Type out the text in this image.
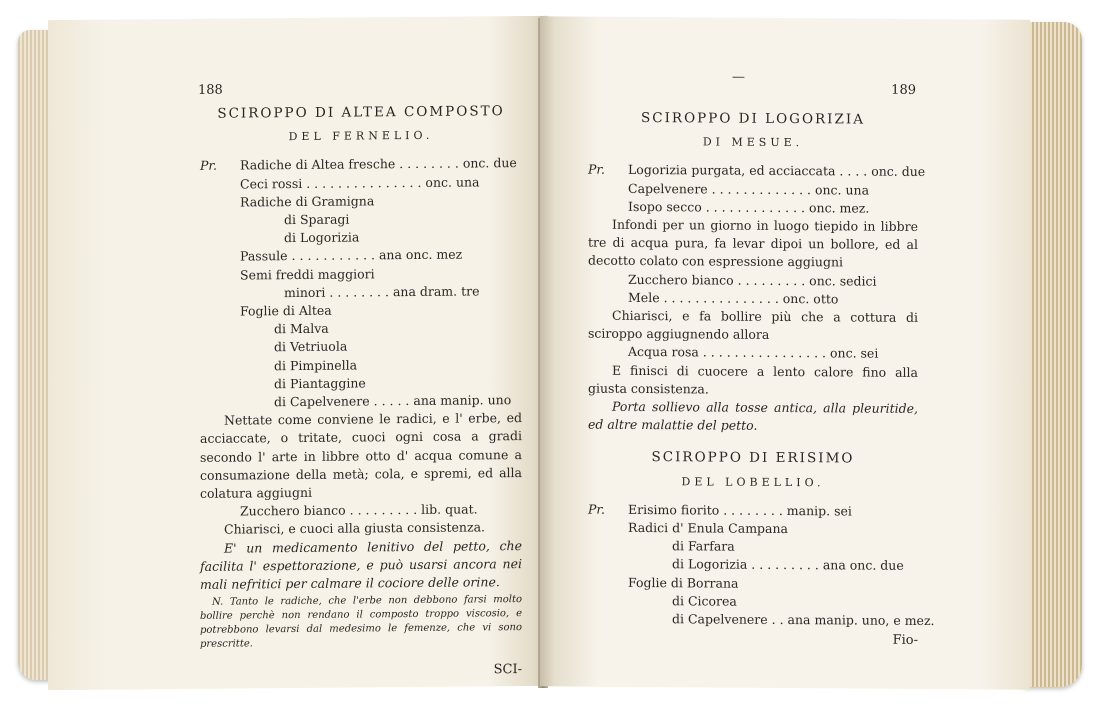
188
SCIROPPO DI ALTEA COMPOSTO
DEL FERNELIO.
Pr.	Radiche di Altea fresche . . . . . . . . onc. due
Ceci rossi . . . . . . . . . . . . . . . onc. una
Radiche di Gramigna
di Sparagi
di Logorizia
Passule . . . . . . . . . . . ana onc. mez
Semi freddi maggiori
minori . . . . . . . . ana dram. tre
Foglie di Altea
di Malva
di Vetriuola
di Pimpinella
di Piantaggine
di Capelvenere . . . . . ana manip. uno
Nettate come conviene le radici, e l' erbe, ed acciaccate, o tritate, cuoci ogni cosa a gradi secondo l' arte in libbre otto d' acqua comune a consumazione della metà; cola, e spremi, ed alla colatura aggiugni
Zucchero bianco . . . . . . . . . lib. quat.
Chiarisci, e cuoci alla giusta consistenza.
E' un medicamento lenitivo del petto, che facilita l' espettorazione, e può usarsi ancora nei mali nefritici per calmare il cociore delle orine.
N. Tanto le radiche, che l'erbe non debbono farsi molto bollire perchè non rendano il composto troppo viscosio, e potrebbono levarsi dal medesimo le femenze, che vi sono prescritte.
SCI-
—
189
SCIROPPO DI LOGORIZIA
DI MESUE.
Pr.	Logorizia purgata, ed acciaccata . . . . onc. due
Capelvenere . . . . . . . . . . . . . onc. una
Isopo secco . . . . . . . . . . . . . onc. mez.
Infondi per un giorno in luogo tiepido in libbre tre di acqua pura, fa levar dipoi un bollore, ed al decotto colato con espressione aggiugni
Zucchero bianco . . . . . . . . . onc. sedici
Mele . . . . . . . . . . . . . . . onc. otto
Chiarisci, e fa bollire più che a cottura di sciroppo aggiugnendo allora
Acqua rosa . . . . . . . . . . . . . . . . onc. sei
E finisci di cuocere a lento calore fino alla giusta consistenza.
Porta sollievo alla tosse antica, alla pleuritide, ed altre malattie del petto.
SCIROPPO DI ERISIMO
DEL LOBELLIO.
Pr.	Erisimo fiorito . . . . . . . . manip. sei
Radici d' Enula Campana
di Farfara
di Logorizia . . . . . . . . . ana onc. due
Foglie di Borrana
di Cicorea
di Capelvenere . . ana manip. uno, e mez.
Fio-
